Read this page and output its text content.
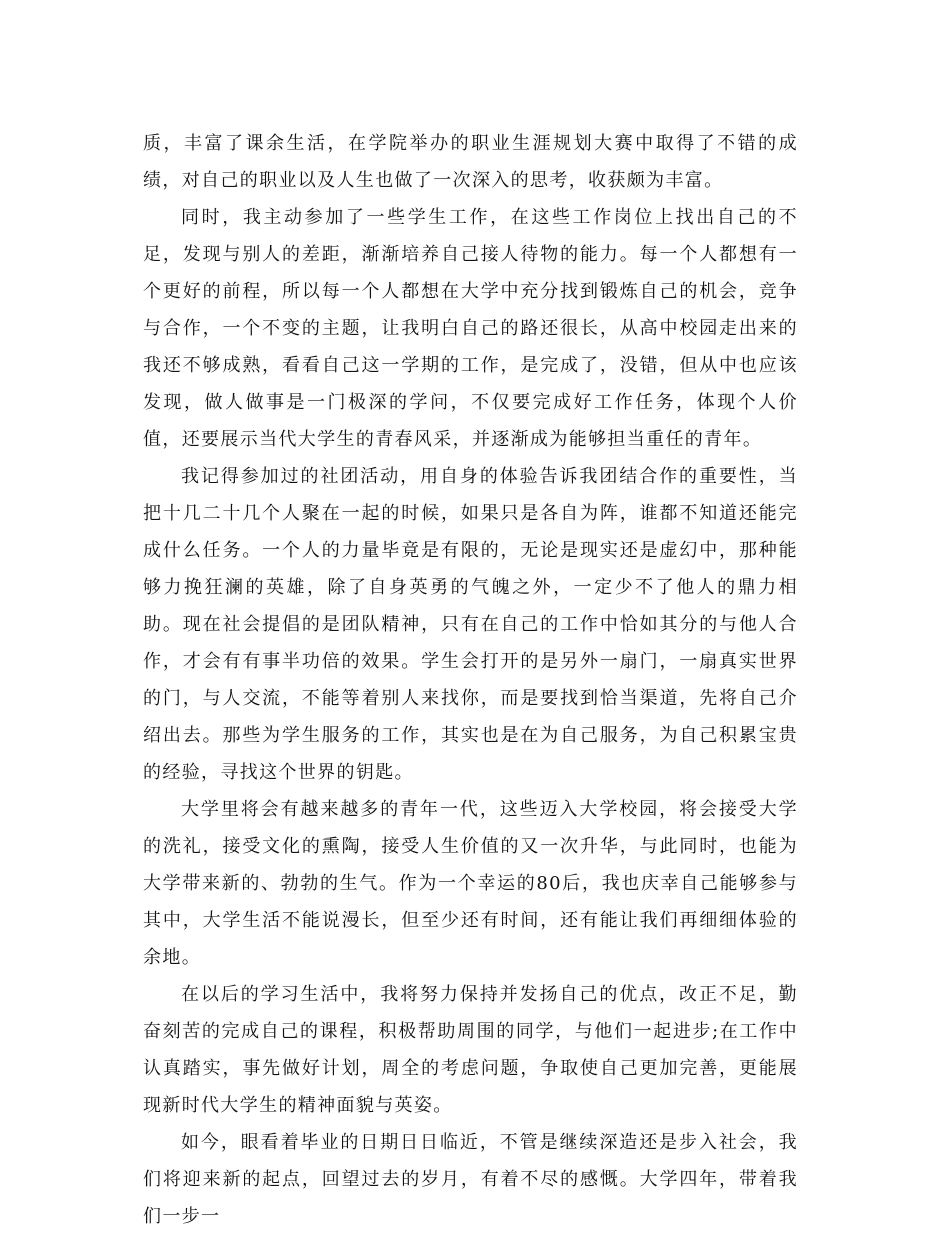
质，丰富了课余生活，在学院举办的职业生涯规划大赛中取得了不错的成绩，对自己的职业以及人生也做了一次深入的思考，收获颇为丰富。

同时，我主动参加了一些学生工作，在这些工作岗位上找出自己的不足，发现与别人的差距，渐渐培养自己接人待物的能力。每一个人都想有一个更好的前程，所以每一个人都想在大学中充分找到锻炼自己的机会，竞争与合作，一个不变的主题，让我明白自己的路还很长，从高中校园走出来的我还不够成熟，看看自己这一学期的工作，是完成了，没错，但从中也应该发现，做人做事是一门极深的学问，不仅要完成好工作任务，体现个人价值，还要展示当代大学生的青春风采，并逐渐成为能够担当重任的青年。

我记得参加过的社团活动，用自身的体验告诉我团结合作的重要性，当把十几二十几个人聚在一起的时候，如果只是各自为阵，谁都不知道还能完成什么任务。一个人的力量毕竟是有限的，无论是现实还是虚幻中，那种能够力挽狂澜的英雄，除了自身英勇的气魄之外，一定少不了他人的鼎力相助。现在社会提倡的是团队精神，只有在自己的工作中恰如其分的与他人合作，才会有有事半功倍的效果。学生会打开的是另外一扇门，一扇真实世界的门，与人交流，不能等着别人来找你，而是要找到恰当渠道，先将自己介绍出去。那些为学生服务的工作，其实也是在为自己服务，为自己积累宝贵的经验，寻找这个世界的钥匙。

大学里将会有越来越多的青年一代，这些迈入大学校园，将会接受大学的洗礼，接受文化的熏陶，接受人生价值的又一次升华，与此同时，也能为大学带来新的、勃勃的生气。作为一个幸运的80后，我也庆幸自己能够参与其中，大学生活不能说漫长，但至少还有时间，还有能让我们再细细体验的余地。

在以后的学习生活中，我将努力保持并发扬自己的优点，改正不足，勤奋刻苦的完成自己的课程，积极帮助周围的同学，与他们一起进步;在工作中认真踏实，事先做好计划，周全的考虑问题，争取使自己更加完善，更能展现新时代大学生的精神面貌与英姿。

如今，眼看着毕业的日期日日临近，不管是继续深造还是步入社会，我们将迎来新的起点，回望过去的岁月，有着不尽的感慨。大学四年，带着我们一步一
